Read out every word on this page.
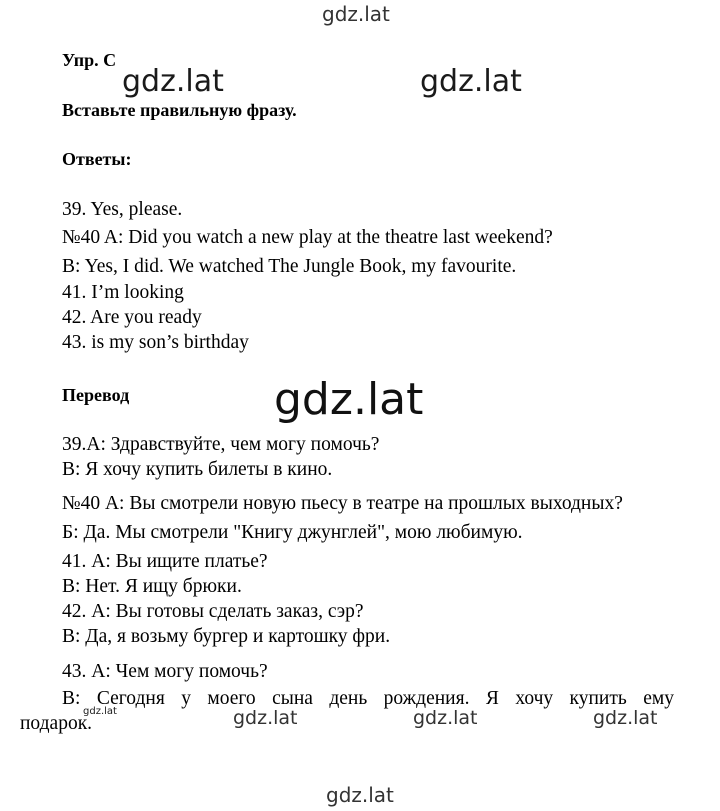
gdz.lat
gdz.lat	gdz.lat
gdz.lat
Упр. С
Вставьте правильную фразу.
Ответы:
39. Yes, please.
№40 A: Did you watch a new play at the theatre last weekend?
B: Yes, I did. We watched The Jungle Book, my favourite.
41. I’m looking
42. Are you ready
43. is my son’s birthday
Перевод
39.A: Здравствуйте, чем могу помочь?
B: Я хочу купить билеты в кино.
№40 А: Вы смотрели новую пьесу в театре на прошлых выходных?
Б: Да. Мы смотрели "Книгу джунглей", мою любимую.
41. А: Вы ищите платье?
В: Нет. Я ищу брюки.
42. А: Вы готовы сделать заказ, сэр?
В: Да, я возьму бургер и картошку фри.
43. А: Чем могу помочь?
В: Сегодня у моего сына день рождения. Я хочу купить ему
подарок.
gdz.lat	gdz.lat	gdz.lat	gdz.lat
gdz.lat
